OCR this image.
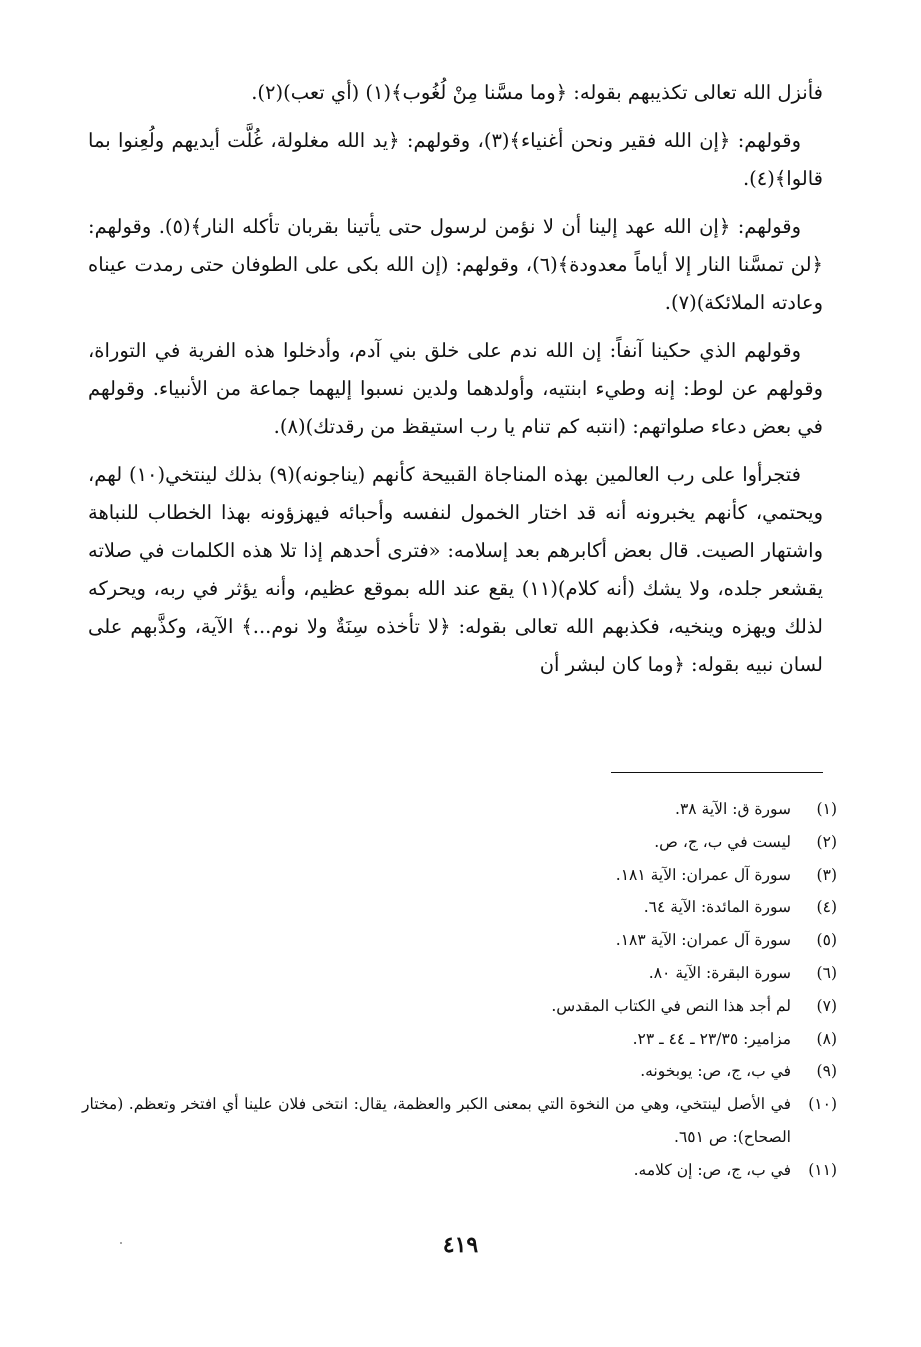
فأنزل الله تعالى تكذيبهم بقوله: ﴿وما مسَّنا مِنْ لُغُوب﴾(١) (أي تعب)(٢).

وقولهم: ﴿إن الله فقير ونحن أغنياء﴾(٣)، وقولهم: ﴿يد الله مغلولة، غُلَّت أيديهم ولُعِنوا بما قالوا﴾(٤).

وقولهم: ﴿إن الله عهد إلينا أن لا نؤمن لرسول حتى يأتينا بقربان تأكله النار﴾(٥). وقولهم: ﴿لن تمسَّنا النار إلا أياماً معدودة﴾(٦)، وقولهم: (إن الله بكى على الطوفان حتى رمدت عيناه وعادته الملائكة)(٧).

وقولهم الذي حكينا آنفاً: إن الله ندم على خلق بني آدم، وأدخلوا هذه الفرية في التوراة، وقولهم عن لوط: إنه وطيء ابنتيه، وأولدهما ولدين نسبوا إليهما جماعة من الأنبياء. وقولهم في بعض دعاء صلواتهم: (انتبه كم تنام يا رب استيقظ من رقدتك)(٨).

فتجرأوا على رب العالمين بهذه المناجاة القبيحة كأنهم (يناجونه)(٩) بذلك لينتخي(١٠) لهم، ويحتمي، كأنهم يخبرونه أنه قد اختار الخمول لنفسه وأحبائه فيهزؤونه بهذا الخطاب للنباهة واشتهار الصيت. قال بعض أكابرهم بعد إسلامه: «فترى أحدهم إذا تلا هذه الكلمات في صلاته يقشعر جلده، ولا يشك (أنه كلام)(١١) يقع عند الله بموقع عظيم، وأنه يؤثر في ربه، ويحركه لذلك ويهزه وينخيه، فكذبهم الله تعالى بقوله: ﴿لا تأخذه سِنَةٌ ولا نوم...﴾ الآية، وكذَّبهم على لسان نبيه بقوله: ﴿وما كان لبشر أن

(١)
سورة ق: الآية ٣٨.
(٢)
ليست في ب، ج، ص.
(٣)
سورة آل عمران: الآية ١٨١.
(٤)
سورة المائدة: الآية ٦٤.
(٥)
سورة آل عمران: الآية ١٨٣.
(٦)
سورة البقرة: الآية ٨٠.
(٧)
لم أجد هذا النص في الكتاب المقدس.
(٨)
مزامير: ٢٣/٣٥ ـ ٤٤ ـ ٢٣.
(٩)
في ب، ج، ص: يوبخونه.
(١٠)
في الأصل لينتخي، وهي من النخوة التي بمعنى الكبر والعظمة، يقال: انتخى فلان علينا أي افتخر وتعظم. (مختار الصحاح): ص ٦٥١.
(١١)
في ب، ج، ص: إن كلامه.
٤١٩
